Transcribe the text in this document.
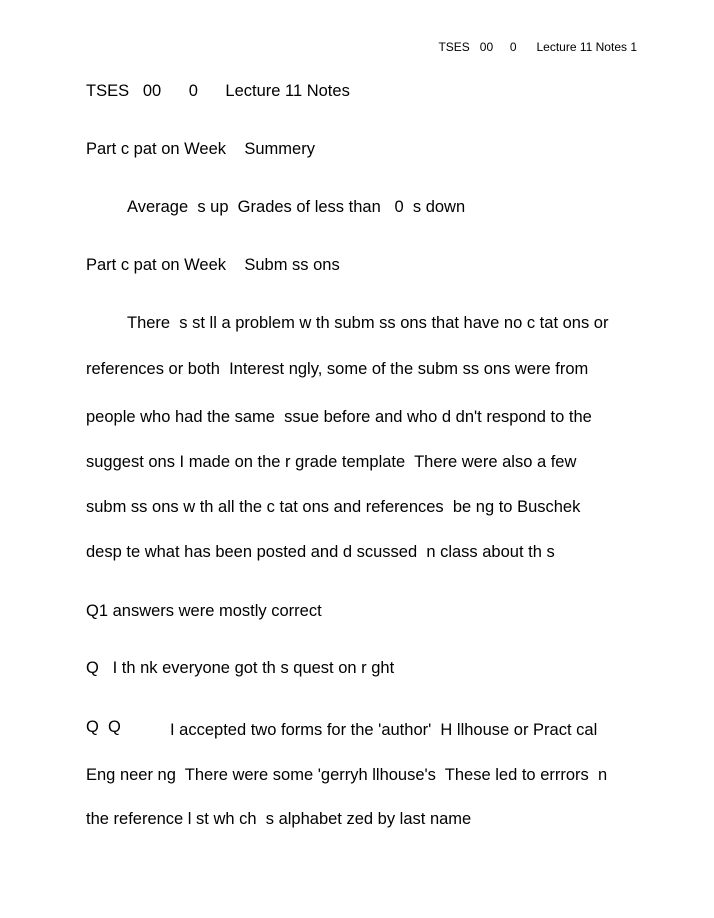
TSES   00     0      Lecture 11 Notes 1
TSES   00      0      Lecture 11 Notes
Part c pat on Week    Summery
Average  s up  Grades of less than   0  s down
Part c pat on Week    Subm ss ons
There  s st ll a problem w th subm ss ons that have no c tat ons or
references or both  Interest ngly, some of the subm ss ons were from
people who had the same  ssue before and who d dn't respond to the
suggest ons I made on the r grade template  There were also a few
subm ss ons w th all the c tat ons and references  be ng to Buschek
desp te what has been posted and d scussed  n class about th s
Q1 answers were mostly correct
Q   I th nk everyone got th s quest on r ght
Q  Q	I accepted two forms for the 'author'  H llhouse or Pract cal
Eng neer ng  There were some 'gerryh llhouse's  These led to errrors  n
the reference l st wh ch  s alphabet zed by last name
